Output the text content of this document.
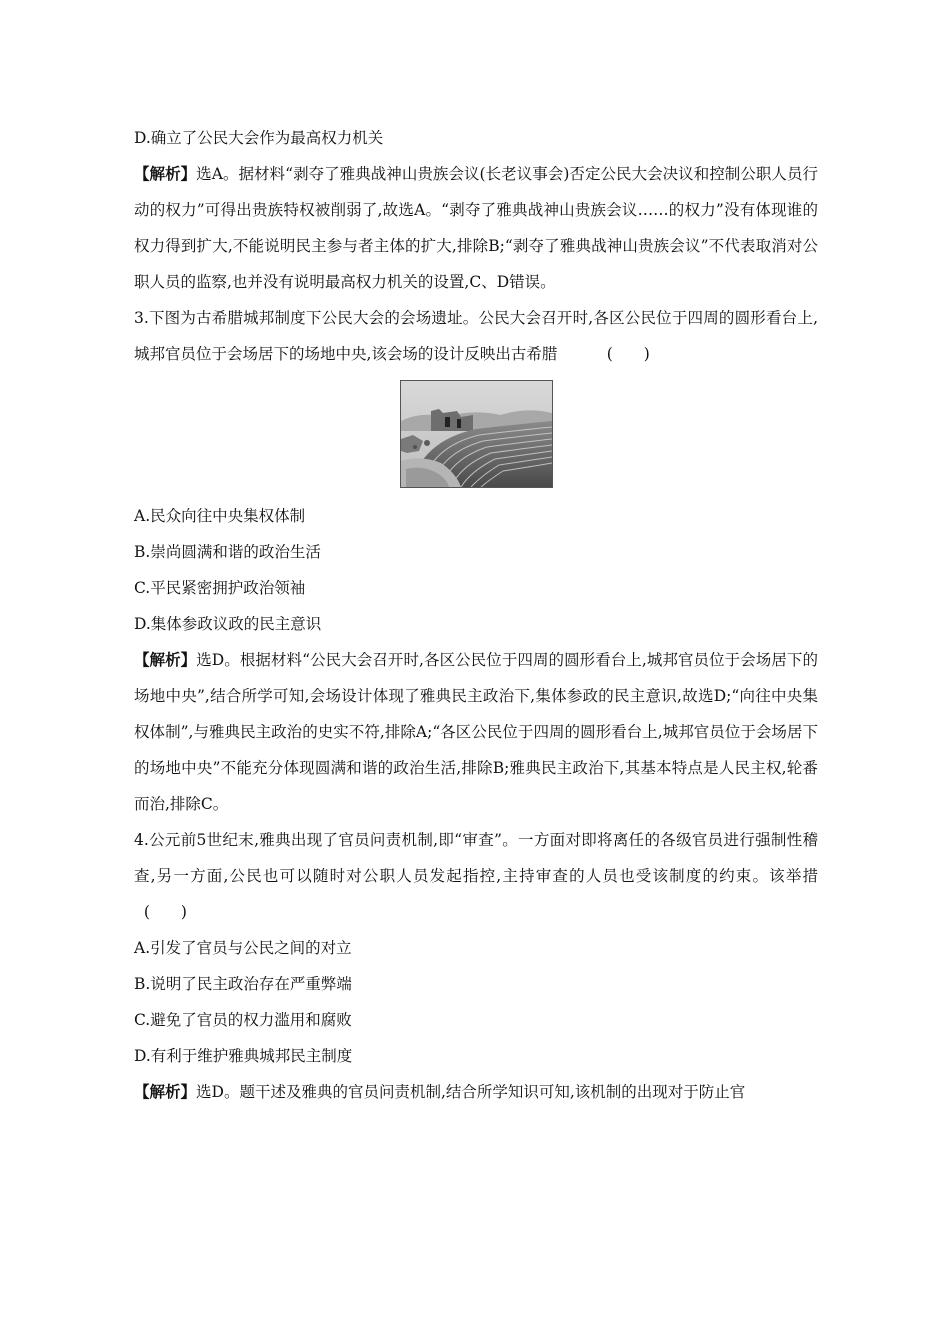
D.确立了公民大会作为最高权力机关

【解析】选A。据材料“剥夺了雅典战神山贵族会议(长老议事会)否定公民大会决议和控制公职人员行动的权力”可得出贵族特权被削弱了,故选A。“剥夺了雅典战神山贵族会议……的权力”没有体现谁的权力得到扩大,不能说明民主参与者主体的扩大,排除B;“剥夺了雅典战神山贵族会议”不代表取消对公职人员的监察,也并没有说明最高权力机关的设置,C、D错误。

3.下图为古希腊城邦制度下公民大会的会场遗址。公民大会召开时,各区公民位于四周的圆形看台上,城邦官员位于会场居下的场地中央,该会场的设计反映出古希腊	(　　)

A.民众向往中央集权体制

B.崇尚圆满和谐的政治生活

C.平民紧密拥护政治领袖

D.集体参政议政的民主意识

【解析】选D。根据材料“公民大会召开时,各区公民位于四周的圆形看台上,城邦官员位于会场居下的场地中央”,结合所学可知,会场设计体现了雅典民主政治下,集体参政的民主意识,故选D;“向往中央集权体制”,与雅典民主政治的史实不符,排除A;“各区公民位于四周的圆形看台上,城邦官员位于会场居下的场地中央”不能充分体现圆满和谐的政治生活,排除B;雅典民主政治下,其基本特点是人民主权,轮番而治,排除C。

4.公元前5世纪末,雅典出现了官员问责机制,即“审查”。一方面对即将离任的各级官员进行强制性稽查,另一方面,公民也可以随时对公职人员发起指控,主持审查的人员也受该制度的约束。该举措  (　　)

A.引发了官员与公民之间的对立

B.说明了民主政治存在严重弊端

C.避免了官员的权力滥用和腐败

D.有利于维护雅典城邦民主制度

【解析】选D。题干述及雅典的官员问责机制,结合所学知识可知,该机制的出现对于防止官
